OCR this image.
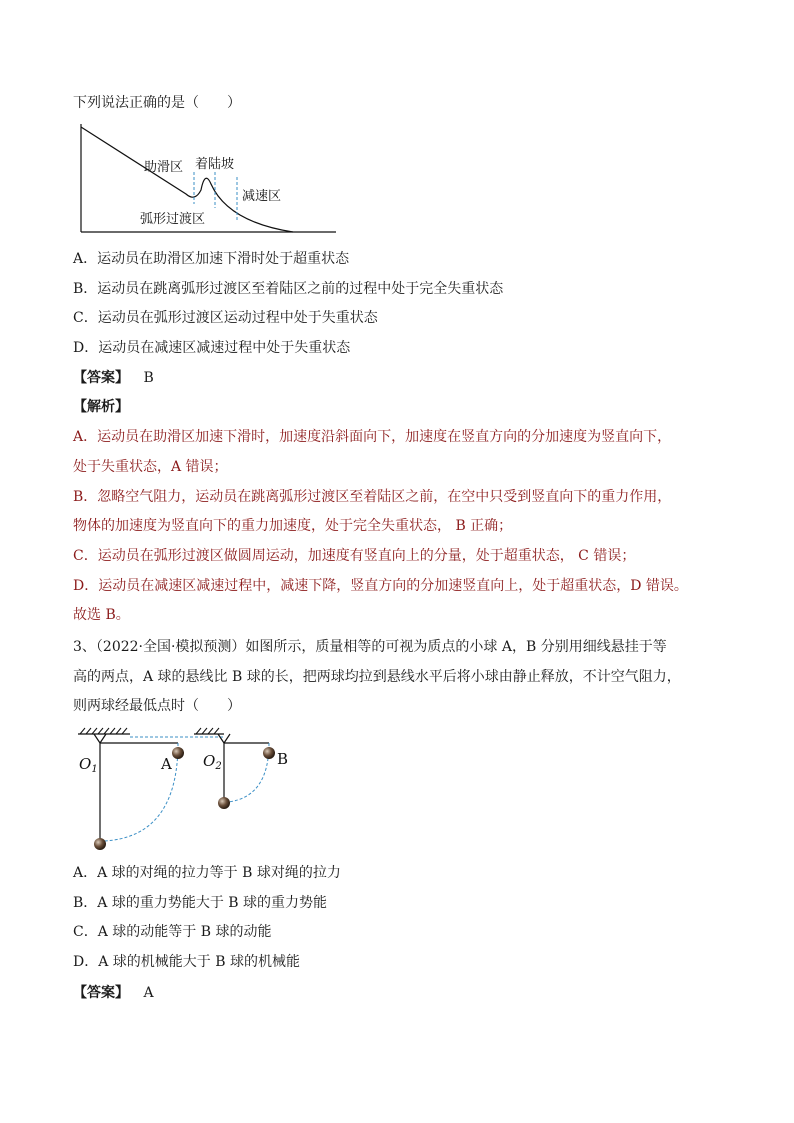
下列说法正确的是（　　）
助滑区 着陆坡
减速区
弧形过渡区
A．运动员在助滑区加速下滑时处于超重状态
B．运动员在跳离弧形过渡区至着陆区之前的过程中处于完全失重状态
C．运动员在弧形过渡区运动过程中处于失重状态
D．运动员在减速区减速过程中处于失重状态
【答案】 B
【解析】
A．运动员在助滑区加速下滑时，加速度沿斜面向下，加速度在竖直方向的分加速度为竖直向下，
处于失重状态，A 错误；
B．忽略空气阻力，运动员在跳离弧形过渡区至着陆区之前，在空中只受到竖直向下的重力作用，
物体的加速度为竖直向下的重力加速度，处于完全失重状态， B 正确；
C．运动员在弧形过渡区做圆周运动，加速度有竖直向上的分量，处于超重状态， C 错误；
D．运动员在减速区减速过程中，减速下降，竖直方向的分加速竖直向上，处于超重状态，D 错误。
故选 B。
3、（2022·全国·模拟预测）如图所示，质量相等的可视为质点的小球 A，B 分别用细线悬挂于等
高的两点，A 球的悬线比 B 球的长，把两球均拉到悬线水平后将小球由静止释放，不计空气阻力，
则两球经最低点时（　　）
$O_1$	A $O_2$	B
A．A 球的对绳的拉力等于 B 球对绳的拉力
B．A 球的重力势能大于 B 球的重力势能
C．A 球的动能等于 B 球的动能
D．A 球的机械能大于 B 球的机械能
【答案】 A
